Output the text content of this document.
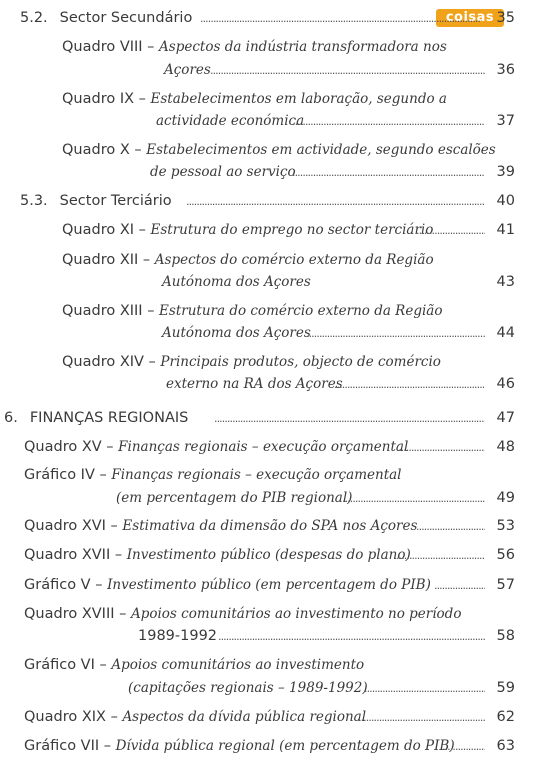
coisas
5.2. Sector Secundário . . .	35
Quadro VIII – Aspectos da indústria transformadora nos
Açores . . .	36
Quadro IX – Estabelecimentos em laboração, segundo a
actividade económica . . .	37
Quadro X – Estabelecimentos em actividade, segundo escalões
de pessoal ao serviço . . .	39
5.3. Sector Terciário . . .	40
Quadro XI – Estrutura do emprego no sector terciário . . .	41
Quadro XII – Aspectos do comércio externo da Região
Autónoma dos Açores	43
Quadro XIII – Estrutura do comércio externo da Região
Autónoma dos Açores . . .	44
Quadro XIV – Principais produtos, objecto de comércio
externo na RA dos Açores . . .	46
6. FINANÇAS REGIONAIS . . .	47
Quadro XV – Finanças regionais – execução orçamental . . .	48
Gráfico IV – Finanças regionais – execução orçamental
(em percentagem do PIB regional) . . .	49
Quadro XVI – Estimativa da dimensão do SPA nos Açores . . .	53
Quadro XVII – Investimento público (despesas do plano) . . .	56
Gráfico V – Investimento público (em percentagem do PIB) . . .	57
Quadro XVIII – Apoios comunitários ao investimento no período
1989-1992 . . .	58
Gráfico VI – Apoios comunitários ao investimento
(capitações regionais – 1989-1992) . . .	59
Quadro XIX – Aspectos da dívida pública regional . . .	62
Gráfico VII – Dívida pública regional (em percentagem do PIB) . . .	63
